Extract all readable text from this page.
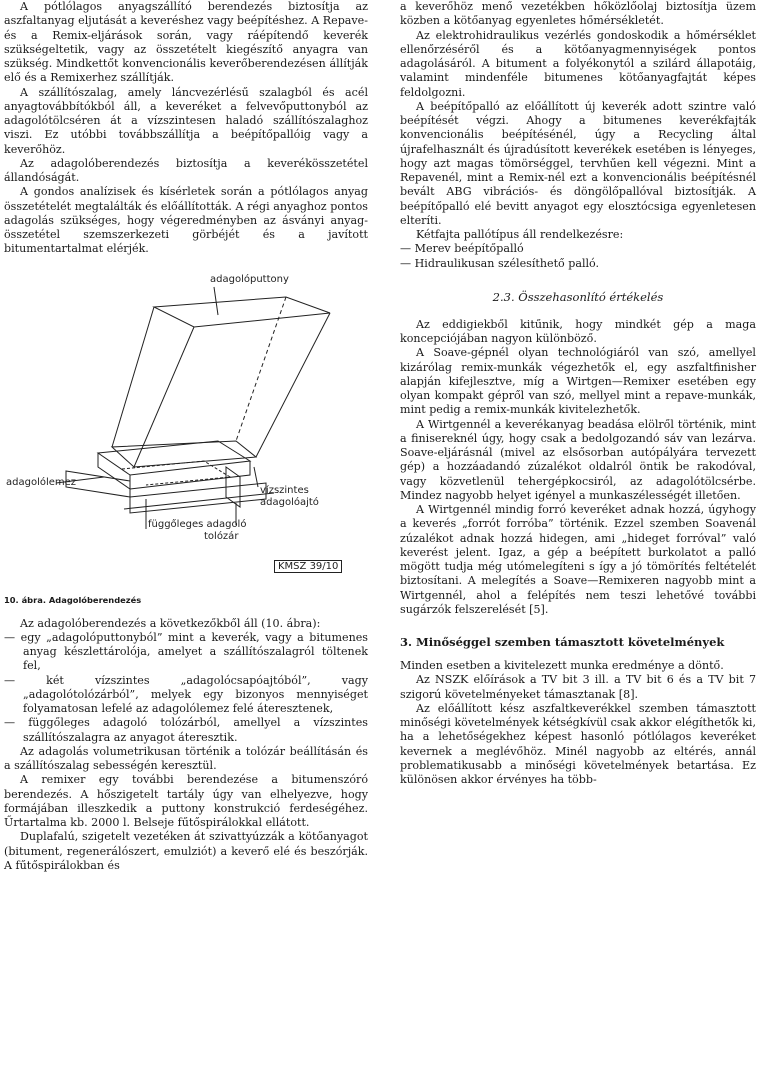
A pótlólagos anyagszállító berendezés biztosítja az aszfaltanyag eljutását a keveréshez vagy beépítéshez. A Repave- és a Remix-eljárások során, vagy ráépítendő keverék szükségeltetik, vagy az összetételt kiegészítő anyagra van szükség. Mindkettőt konvencionális keverőberendezésen állítják elő és a Remixerhez szállítják.

A szállítószalag, amely láncvezérlésű szalagból és acél anyagtovábbítókból áll, a keveréket a felvevőputtonyból az adagolótölcséren át a vízszintesen haladó szállítószalaghoz viszi. Ez utóbbi továbbszállítja a beépítőpallóig vagy a keverőhöz.

Az adagolóberendezés biztosítja a keverékösszetétel állandóságát.

A gondos analízisek és kísérletek során a pótlólagos anyag összetételét megtalálták és előállították. A régi anyaghoz pontos adagolás szükséges, hogy végeredményben az ásványi anyag-összetétel szemszerkezeti görbéjét és a javított bitumentartalmat elérjék.

adagolóputtony
adagolólemez
vízszintes
adagolóajtó
függőleges adagoló
tolózár
KMSZ 39/10
10. ábra. Adagolóberendezés

Az adagolóberendezés a következőkből áll (10. ábra):

— egy „adagolóputtonyból” mint a keverék, vagy a bitumenes anyag készlettárolója, amelyet a szállítószalagról töltenek fel,

— két vízszintes „adagolócsapóajtóból”, vagy „adagolótolózárból”, melyek egy bizonyos mennyiséget folyamatosan lefelé az adagolólemez felé áteresztenek,

— függőleges adagoló tolózárból, amellyel a vízszintes szállítószalagra az anyagot áteresztik.

Az adagolás volumetrikusan történik a tolózár beállításán és a szállítószalag sebességén keresztül.

A remixer egy további berendezése a bitumenszóró berendezés. A hőszigetelt tartály úgy van elhelyezve, hogy formájában illeszkedik a puttony konstrukció ferdeségéhez. Űrtartalma kb. 2000 l. Belseje fűtőspirálokkal ellátott.

Duplafalú, szigetelt vezetéken át szivattyúzzák a kötőanyagot (bitument, regenerálószert, emulziót) a keverő elé és beszórják. A fűtőspirálokban és

a keverőhöz menő vezetékben hőközlőolaj biztosítja üzem közben a kötőanyag egyenletes hőmérsékletét.

Az elektrohidraulikus vezérlés gondoskodik a hőmérséklet ellenőrzéséről és a kötőanyagmennyiségek pontos adagolásáról. A bitument a folyékonytól a szilárd állapotáig, valamint mindenféle bitumenes kötőanyagfajtát képes feldolgozni.

A beépítőpalló az előállított új keverék adott szintre való beépítését végzi. Ahogy a bitumenes keverékfajták konvencionális beépítésénél, úgy a Recycling által újrafelhasznált és újradúsított keverékek esetében is lényeges, hogy azt magas tömörséggel, tervhűen kell végezni. Mint a Repavenél, mint a Remix-nél ezt a konvencionális beépítésnél bevált ABG vibrációs- és döngölőpallóval biztosítják. A beépítőpalló elé bevitt anyagot egy elosztócsiga egyenletesen elteríti.

Kétfajta pallótípus áll rendelkezésre:

— Merev beépítőpalló

— Hidraulikusan szélesíthető palló.

2.3. Összehasonlító értékelés

Az eddigiekből kitűnik, hogy mindkét gép a maga koncepciójában nagyon különböző.

A Soave-gépnél olyan technológiáról van szó, amellyel kizárólag remix-munkák végezhetők el, egy aszfaltfinisher alapján kifejlesztve, míg a Wirtgen—Remixer esetében egy olyan kompakt gépről van szó, mellyel mint a repave-munkák, mint pedig a remix-munkák kivitelezhetők.

A Wirtgennél a keverékanyag beadása elölről történik, mint a finisereknél úgy, hogy csak a bedolgozandó sáv van lezárva. Soave-eljárásnál (mivel az elsősorban autópályára tervezett gép) a hozzáadandó zúzalékot oldalról öntik be rakodóval, vagy közvetlenül tehergépkocsiról, az adagolótölcsérbe. Mindez nagyobb helyet igényel a munkaszélességét illetően.

A Wirtgennél mindig forró keveréket adnak hozzá, úgyhogy a keverés „forrót forróba” történik. Ezzel szemben Soavenál zúzalékot adnak hozzá hidegen, ami „hideget forróval” való keverést jelent. Igaz, a gép a beépített burkolatot a palló mögött tudja még utómelegíteni s így a jó tömörítés feltételét biztosítani. A melegítés a Soave—Remixeren nagyobb mint a Wirtgennél, ahol a felépítés nem teszi lehetővé további sugárzók felszerelését [5].

3. Minőséggel szemben támasztott követelmények

Minden esetben a kivitelezett munka eredménye a döntő.

Az NSZK előírások a TV bit 3 ill. a TV bit 6 és a TV bit 7 szigorú követelményeket támasztanak [8].

Az előállított kész aszfaltkeverékkel szemben támasztott minőségi követelmények kétségkívül csak akkor elégíthetők ki, ha a lehetőségekhez képest hasonló pótlólagos keveréket kevernek a meglévőhöz. Minél nagyobb az eltérés, annál problematikusabb a minőségi követelmények betartása. Ez különösen akkor érvényes ha több-
